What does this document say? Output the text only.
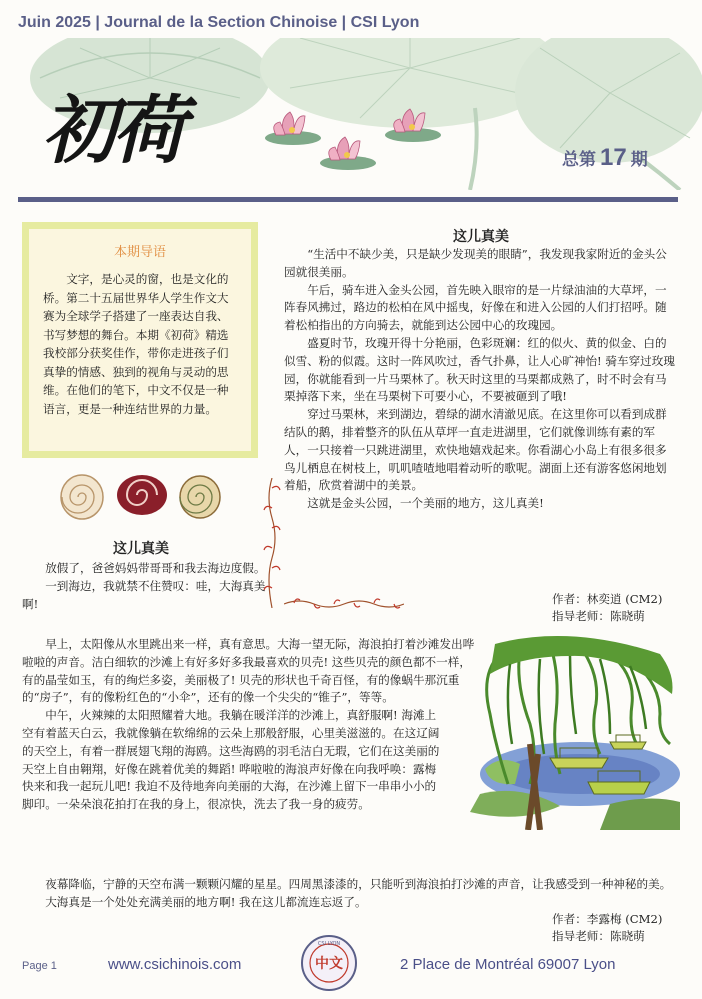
Juin 2025 | Journal de la Section Chinoise | CSI Lyon
初荷	总第 17 期
本期导语

文字，是心灵的窗，也是文化的桥。第二十五届世界华人学生作文大赛为全球学子搭建了一座表达自我、书写梦想的舞台。本期《初荷》精选我校部分获奖佳作，带你走进孩子们真挚的情感、独到的视角与灵动的思维。在他们的笔下，中文不仅是一种语言，更是一种连结世界的力量。

这儿真美

放假了，爸爸妈妈带哥哥和我去海边度假。

一到海边，我就禁不住赞叹：哇，大海真美啊!

早上，太阳像从水里跳出来一样，真有意思。大海一望无际，海浪拍打着沙滩发出哗啦啦的声音。洁白细软的沙滩上有好多好多我最喜欢的贝壳! 这些贝壳的颜色都不一样，有的晶莹如玉，有的绚烂多姿，美丽极了! 贝壳的形状也千奇百怪，有的像蜗牛那沉重的“房子”，有的像粉红色的“小伞”，还有的像一个尖尖的“锥子”，等等。

中午，火辣辣的太阳照耀着大地。我躺在暖洋洋的沙滩上，真舒服啊! 海滩上空有着蓝天白云，我就像躺在软绵绵的云朵上那般舒服，心里美滋滋的。在这辽阔的天空上，有着一群展翅飞翔的海鸥。这些海鸥的羽毛洁白无瑕，它们在这美丽的天空上自由翱翔，好像在跳着优美的舞蹈! 哗啦啦的海浪声好像在向我呼唤：露梅快来和我一起玩儿吧! 我迫不及待地奔向美丽的大海，在沙滩上留下一串串小小的脚印。一朵朵浪花拍打在我的身上，很凉快，洗去了我一身的疲劳。

夜幕降临，宁静的天空布满一颗颗闪耀的星星。四周黑漆漆的，只能听到海浪拍打沙滩的声音，让我感受到一种神秘的美。

大海真是一个处处充满美丽的地方啊! 我在这儿都流连忘返了。

作者：李露梅 (CM2)
指导老师：陈晓萌
这儿真美

“生活中不缺少美，只是缺少发现美的眼睛”，我发现我家附近的金头公园就很美丽。

午后，骑车进入金头公园，首先映入眼帘的是一片绿油油的大草坪，一阵春风拂过，路边的松柏在风中摇曳，好像在和进入公园的人们打招呼。随着松柏指出的方向骑去，就能到达公园中心的玫瑰园。

盛夏时节，玫瑰开得十分艳丽，色彩斑斓：红的似火、黄的似金、白的似雪、粉的似霞。这时一阵风吹过，香气扑鼻，让人心旷神怡! 骑车穿过玫瑰园，你就能看到一片马栗林了。秋天时这里的马栗都成熟了，时不时会有马栗掉落下来，坐在马栗树下可要小心，不要被砸到了哦!

穿过马栗林，来到湖边，碧绿的湖水清澈见底。在这里你可以看到成群结队的鹅，排着整齐的队伍从草坪一直走进湖里，它们就像训练有素的军人，一只接着一只跳进湖里，欢快地嬉戏起来。你看湖心小岛上有很多很多鸟儿栖息在树枝上，叽叽喳喳地唱着动听的歌呢。湖面上还有游客悠闲地划着船，欣赏着湖中的美景。

这就是金头公园，一个美丽的地方，这儿真美!

作者：林奕逍 (CM2)
指导老师：陈晓萌
Page 1	www.csichinois.com	中文
CSI LYON
2 Place de Montréal 69007 Lyon
